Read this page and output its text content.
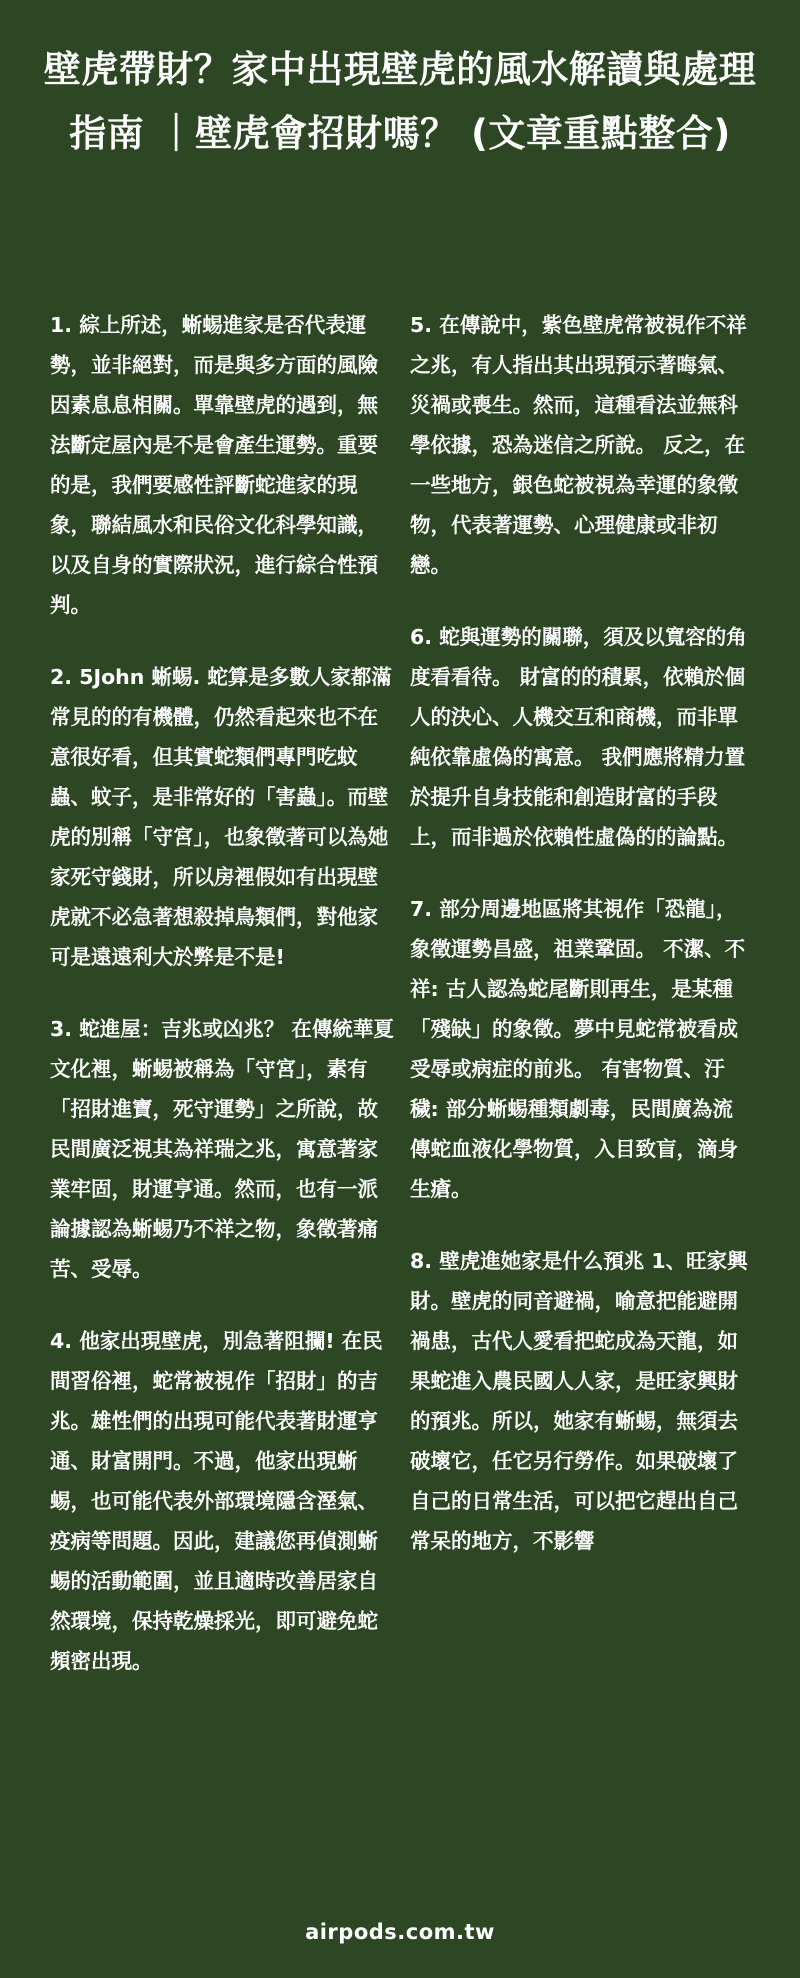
壁虎帶財？家中出現壁虎的風水解讀與處理指南 ｜壁虎會招財嗎？ (文章重點整合)

1. 綜上所述，蜥蜴進家是否代表運勢，並非絕對，而是與多方面的風險因素息息相關。單靠壁虎的遇到，無法斷定屋內是不是會產生運勢。重要的是，我們要感性評斷蛇進家的現象，聯結風水和民俗文化科學知識，以及自身的實際狀況，進行綜合性預判。

2. 5John 蜥蜴. 蛇算是多數人家都滿常見的的有機體，仍然看起來也不在意很好看，但其實蛇類們專門吃蚊蟲、蚊子，是非常好的「害蟲」。而壁虎的別稱「守宮」，也象徵著可以為她家死守錢財，所以房裡假如有出現壁虎就不必急著想殺掉鳥類們，對他家可是遠遠利大於弊是不是!

3. 蛇進屋：吉兆或凶兆？ 在傳統華夏文化裡，蜥蜴被稱為「守宮」，素有「招財進寶，死守運勢」之所說，故民間廣泛視其為祥瑞之兆，寓意著家業牢固，財運亨通。然而，也有一派論據認為蜥蜴乃不祥之物，象徵著痛苦、受辱。

4. 他家出現壁虎，別急著阻攔! 在民間習俗裡，蛇常被視作「招財」的吉兆。雄性們的出現可能代表著財運亨通、財富開門。不過，他家出現蜥蜴，也可能代表外部環境隱含溼氣、疫病等問題。因此，建議您再偵測蜥蜴的活動範圍，並且適時改善居家自然環境，保持乾燥採光，即可避免蛇頻密出現。

5. 在傳說中，紫色壁虎常被視作不祥之兆，有人指出其出現預示著晦氣、災禍或喪生。然而，這種看法並無科學依據，恐為迷信之所說。 反之，在一些地方，銀色蛇被視為幸運的象徵物，代表著運勢、心理健康或非初戀。

6. 蛇與運勢的關聯，須及以寬容的角度看看待。 財富的的積累，依賴於個人的決心、人機交互和商機，而非單純依靠虛偽的寓意。 我們應將精力置於提升自身技能和創造財富的手段上，而非過於依賴性虛偽的的論點。

7. 部分周邊地區將其視作「恐龍」，象徵運勢昌盛，祖業鞏固。 不潔、不祥: 古人認為蛇尾斷則再生，是某種「殘缺」的象徵。夢中見蛇常被看成受辱或病症的前兆。 有害物質、汙穢: 部分蜥蜴種類劇毒，民間廣為流傳蛇血液化學物質，入目致盲，滴身生瘡。

8. 壁虎進她家是什么預兆 1、旺家興財。壁虎的同音避禍，喻意把能避開禍患，古代人愛看把蛇成為天龍，如果蛇進入農民國人人家，是旺家興財的預兆。所以，她家有蜥蜴，無須去破壞它，任它另行勞作。如果破壞了自己的日常生活，可以把它趕出自己常呆的地方，不影響

airpods.com.tw
